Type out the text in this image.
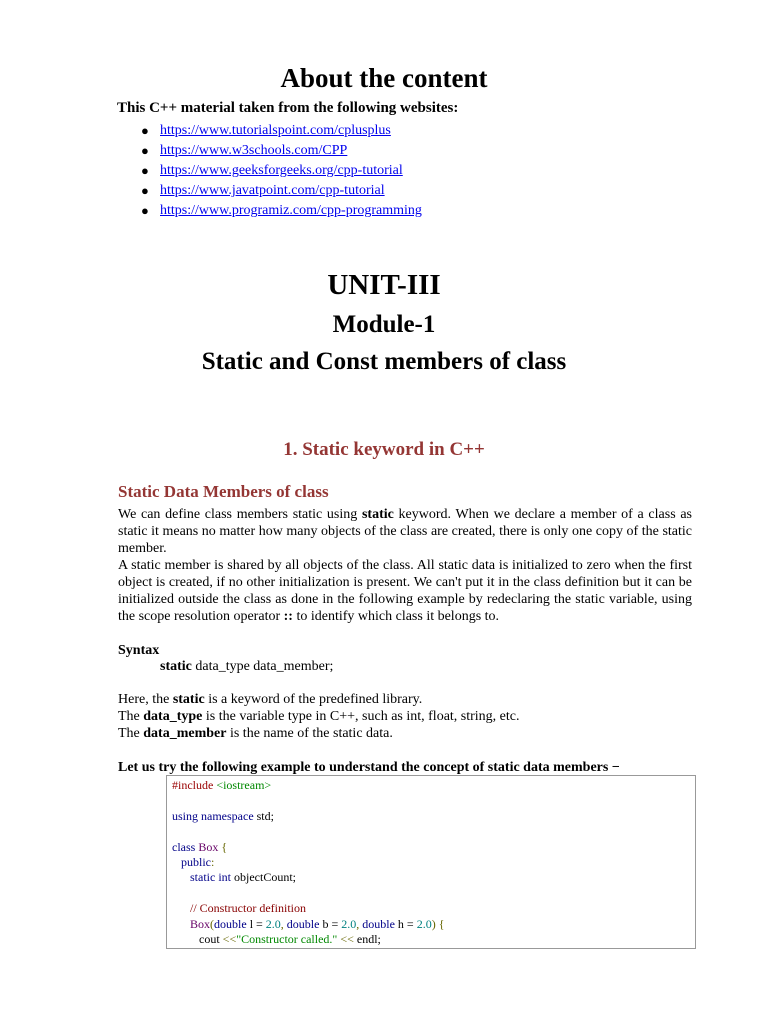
About the content
This C++ material taken from the following websites:
● https://www.tutorialspoint.com/cplusplus
● https://www.w3schools.com/CPP
● https://www.geeksforgeeks.org/cpp-tutorial
● https://www.javatpoint.com/cpp-tutorial
● https://www.programiz.com/cpp-programming
UNIT-III
Module-1
Static and Const members of class
1. Static keyword in C++
Static Data Members of class
We can define class members static using static keyword. When we declare a member of a class as static it means no matter how many objects of the class are created, there is only one copy of the static member.
A static member is shared by all objects of the class. All static data is initialized to zero when the first object is created, if no other initialization is present. We can't put it in the class definition but it can be initialized outside the class as done in the following example by redeclaring the static variable, using the scope resolution operator :: to identify which class it belongs to.
Syntax
static data_type data_member;
Here, the static is a keyword of the predefined library.
The data_type is the variable type in C++, such as int, float, string, etc.
The data_member is the name of the static data.
Let us try the following example to understand the concept of static data members −
#include <iostream>

using namespace std;

class Box {
public:
static int objectCount;

// Constructor definition
Box(double l = 2.0, double b = 2.0, double h = 2.0) {
cout <<"Constructor called." << endl;
